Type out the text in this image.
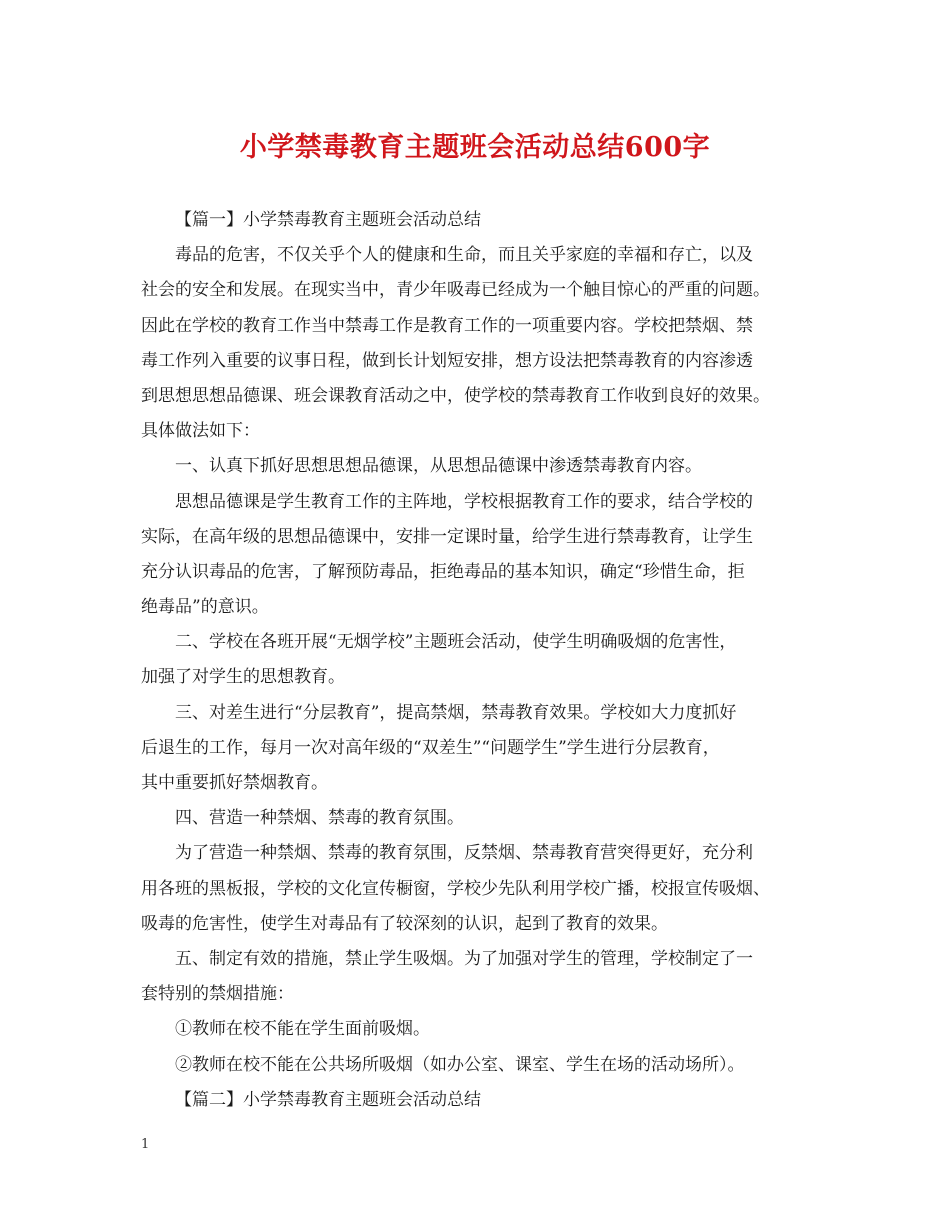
小学禁毒教育主题班会活动总结600字
【篇一】小学禁毒教育主题班会活动总结
毒品的危害，不仅关乎个人的健康和生命，而且关乎家庭的幸福和存亡，以及
社会的安全和发展。在现实当中，青少年吸毒已经成为一个触目惊心的严重的问题。
因此在学校的教育工作当中禁毒工作是教育工作的一项重要内容。学校把禁烟、禁
毒工作列入重要的议事日程，做到长计划短安排，想方设法把禁毒教育的内容渗透
到思想思想品德课、班会课教育活动之中，使学校的禁毒教育工作收到良好的效果。
具体做法如下：
一、认真下抓好思想思想品德课，从思想品德课中渗透禁毒教育内容。
思想品德课是学生教育工作的主阵地，学校根据教育工作的要求，结合学校的
实际，在高年级的思想品德课中，安排一定课时量，给学生进行禁毒教育，让学生
充分认识毒品的危害，了解预防毒品，拒绝毒品的基本知识，确定“珍惜生命，拒
绝毒品”的意识。
二、学校在各班开展“无烟学校”主题班会活动，使学生明确吸烟的危害性，
加强了对学生的思想教育。
三、对差生进行“分层教育”，提高禁烟，禁毒教育效果。学校如大力度抓好
后退生的工作，每月一次对高年级的“双差生”“问题学生”学生进行分层教育，
其中重要抓好禁烟教育。
四、营造一种禁烟、禁毒的教育氛围。
为了营造一种禁烟、禁毒的教育氛围，反禁烟、禁毒教育营突得更好，充分利
用各班的黑板报，学校的文化宣传橱窗，学校少先队利用学校广播，校报宣传吸烟、
吸毒的危害性，使学生对毒品有了较深刻的认识，起到了教育的效果。
五、制定有效的措施，禁止学生吸烟。为了加强对学生的管理，学校制定了一
套特别的禁烟措施：
①教师在校不能在学生面前吸烟。
②教师在校不能在公共场所吸烟（如办公室、课室、学生在场的活动场所）。
【篇二】小学禁毒教育主题班会活动总结
1
